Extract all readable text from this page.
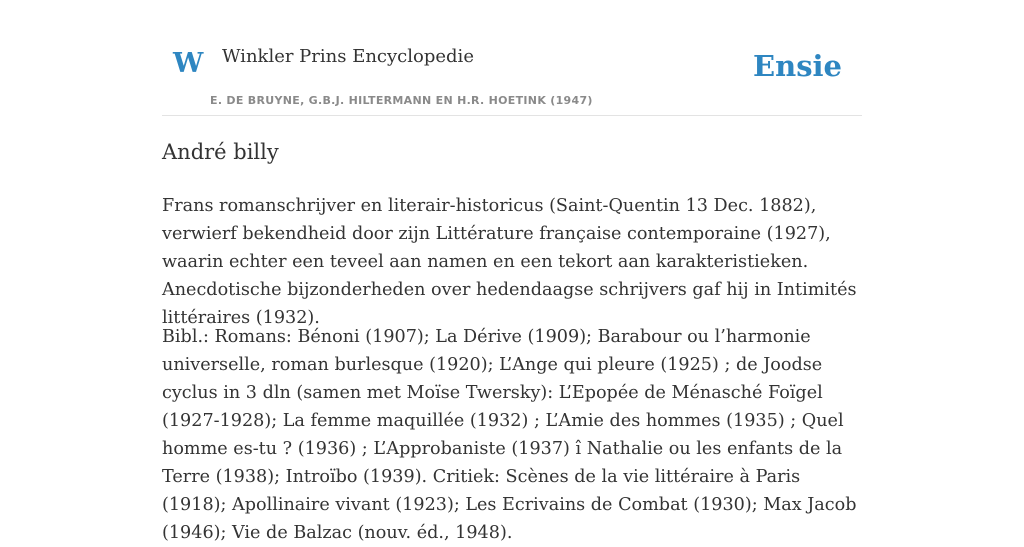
W Winkler Prins Encyclopedie
E. DE BRUYNE, G.B.J. HILTERMANN EN H.R. HOETINK (1947)
Ensie
André billy

Frans romanschrijver en literair-historicus (Saint-Quentin 13 Dec. 1882), verwierf bekendheid door zijn Littérature française contemporaine (1927), waarin echter een teveel aan namen en een tekort aan karakteristieken. Anecdotische bijzonderheden over hedendaagse schrijvers gaf hij in Intimités littéraires (1932).

Bibl.: Romans: Bénoni (1907); La Dérive (1909); Barabour ou l’harmonie universelle, roman burlesque (1920); L’Ange qui pleure (1925) ; de Joodse cyclus in 3 dln (samen met Moïse Twersky): L’Epopée de Ménasché Foïgel (1927-1928); La femme maquillée (1932) ; L’Amie des hommes (1935) ; Quel homme es-tu ? (1936) ; L’Approbaniste (1937) î Nathalie ou les enfants de la Terre (1938); Introïbo (1939). Critiek: Scènes de la vie littéraire à Paris (1918); Apollinaire vivant (1923); Les Ecrivains de Combat (1930); Max Jacob (1946); Vie de Balzac (nouv. éd., 1948).
